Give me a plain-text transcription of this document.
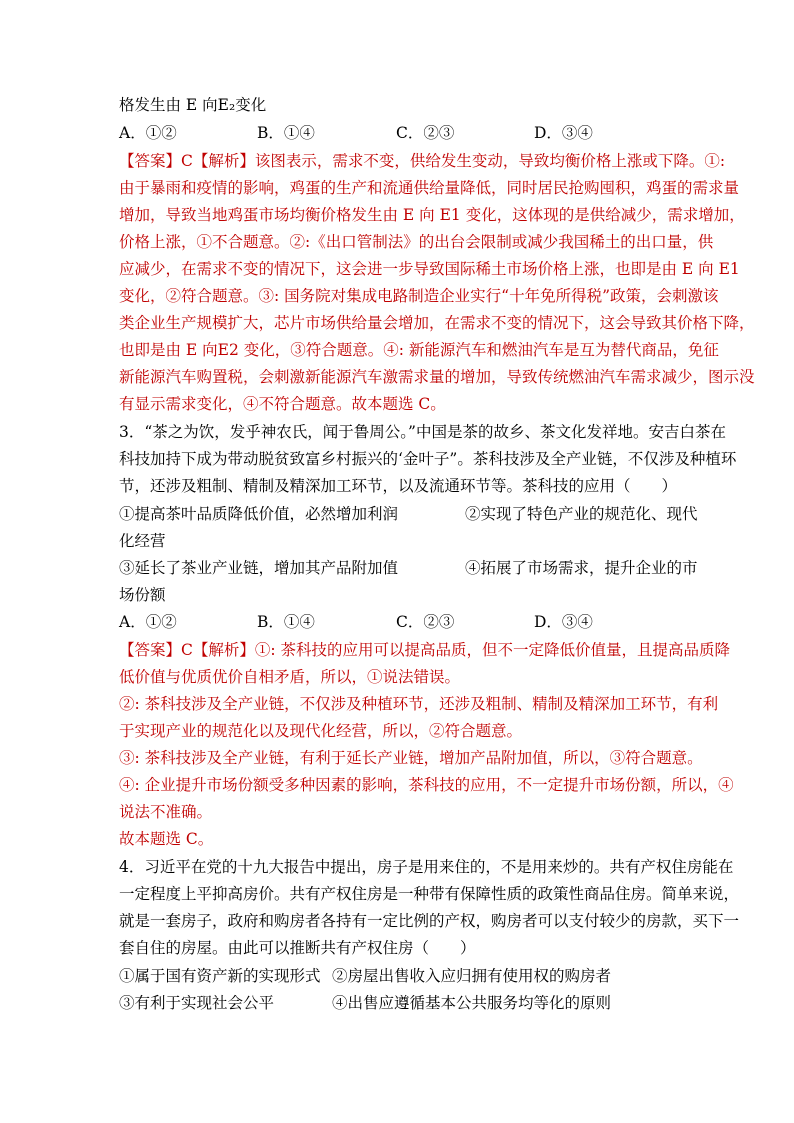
格发生由 E 向E₂变化
A．①②	B．①④	C．②③	D．③④
【答案】C【解析】该图表示，需求不变，供给发生变动，导致均衡价格上涨或下降。①:
由于暴雨和疫情的影响，鸡蛋的生产和流通供给量降低，同时居民抢购囤积，鸡蛋的需求量
增加，导致当地鸡蛋市场均衡价格发生由 E 向 E1 变化，这体现的是供给减少，需求增加，
价格上涨，①不合题意。②:《出口管制法》的出台会限制或减少我国稀土的出口量，供
应减少，在需求不变的情况下，这会进一步导致国际稀土市场价格上涨，也即是由 E 向 E1
变化，②符合题意。③: 国务院对集成电路制造企业实行“十年免所得税”政策，会刺激该
类企业生产规模扩大，芯片市场供给量会增加，在需求不变的情况下，这会导致其价格下降，
也即是由 E 向E2 变化，③符合题意。④: 新能源汽车和燃油汽车是互为替代商品，免征
新能源汽车购置税，会刺激新能源汽车激需求量的增加，导致传统燃油汽车需求减少，图示没
有显示需求变化，④不符合题意。故本题选 C。
3．“茶之为饮，发乎神农氏，闻于鲁周公。”中国是茶的故乡、茶文化发祥地。安吉白茶在
科技加持下成为带动脱贫致富乡村振兴的‘金叶子”。茶科技涉及全产业链，不仅涉及种植环
节，还涉及粗制、精制及精深加工环节，以及流通环节等。茶科技的应用（　　）
①提高茶叶品质降低价值，必然增加利润	②实现了特色产业的规范化、现代
化经营
③延长了茶业产业链，增加其产品附加值	④拓展了市场需求，提升企业的市
场份额
A．①②	B．①④	C．②③	D．③④
【答案】C【解析】①: 茶科技的应用可以提高品质，但不一定降低价值量，且提高品质降
低价值与优质优价自相矛盾，所以，①说法错误。
②: 茶科技涉及全产业链，不仅涉及种植环节，还涉及粗制、精制及精深加工环节，有利
于实现产业的规范化以及现代化经营，所以，②符合题意。
③: 茶科技涉及全产业链，有利于延长产业链，增加产品附加值，所以，③符合题意。
④: 企业提升市场份额受多种因素的影响，茶科技的应用，不一定提升市场份额，所以，④
说法不准确。
故本题选 C。
4．习近平在党的十九大报告中提出，房子是用来住的，不是用来炒的。共有产权住房能在
一定程度上平抑高房价。共有产权住房是一种带有保障性质的政策性商品住房。简单来说，
就是一套房子，政府和购房者各持有一定比例的产权，购房者可以支付较少的房款，买下一
套自住的房屋。由此可以推断共有产权住房（　　）
①属于国有资产新的实现形式 ②房屋出售收入应归拥有使用权的购房者
③有利于实现社会公平	④出售应遵循基本公共服务均等化的原则
